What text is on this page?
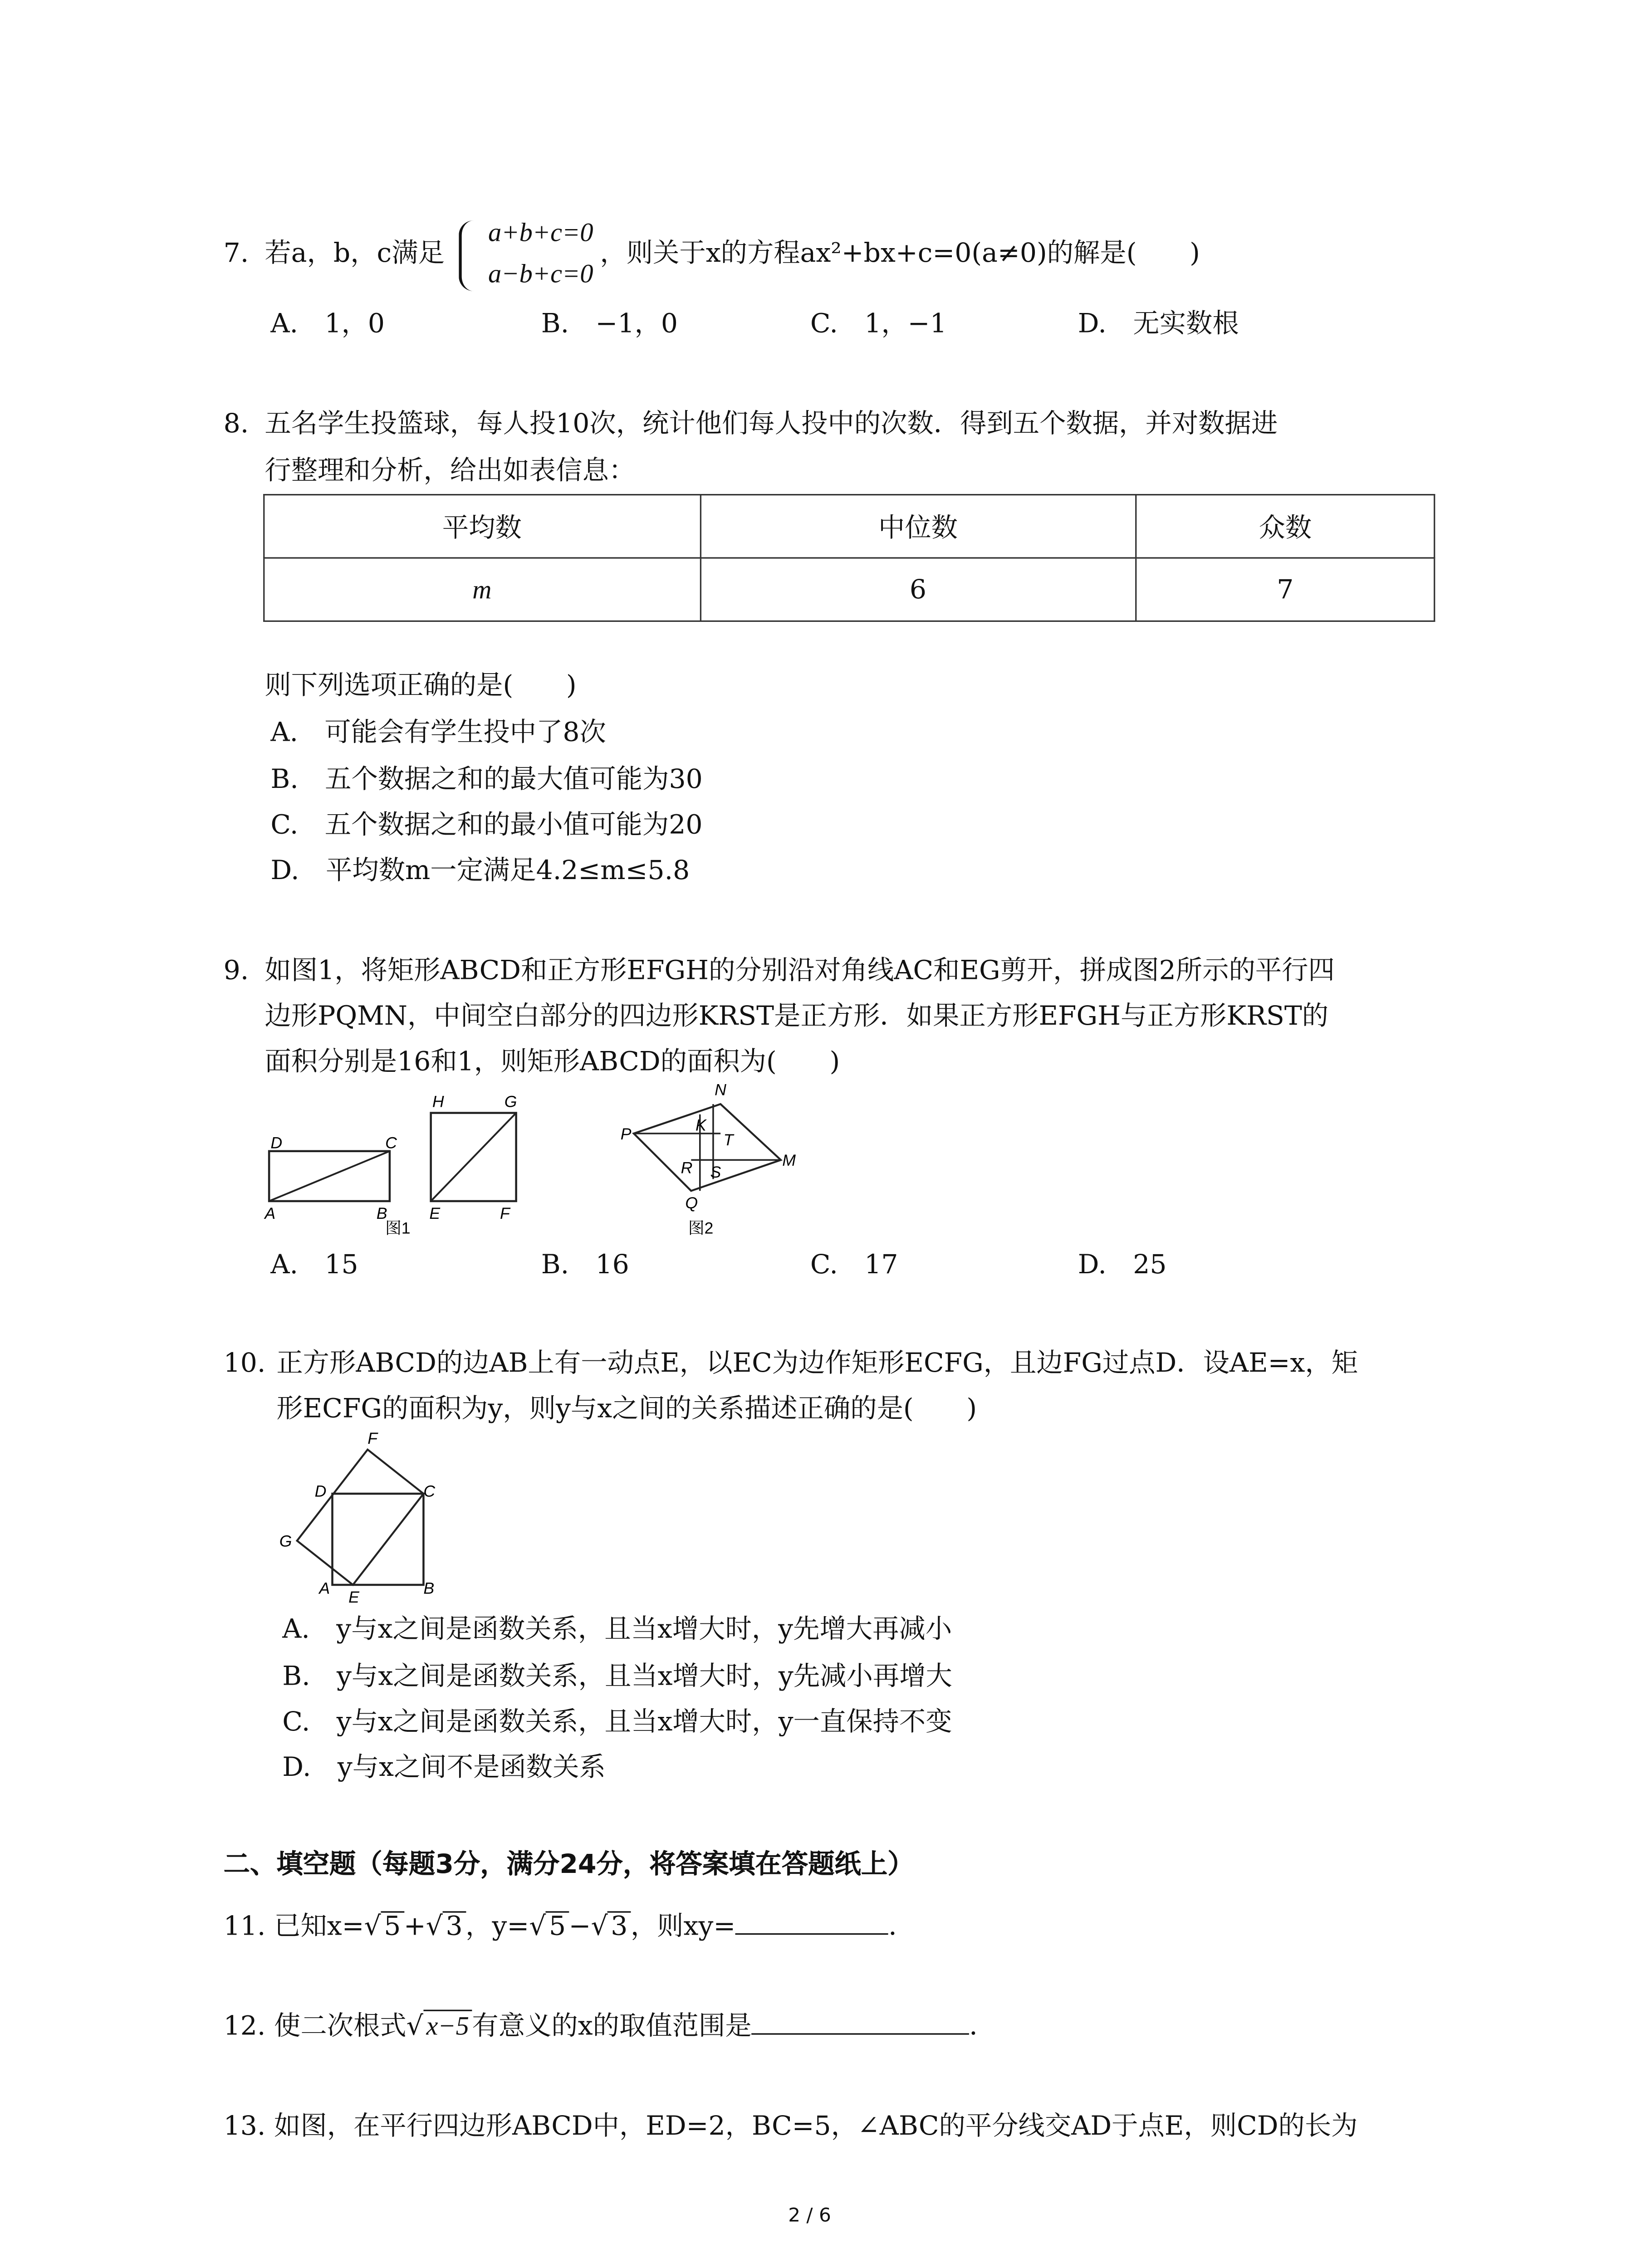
7. 若a，b，c满足
a+b+c=0
a−b+c=0
，则关于x的方程ax²+bx+c=0(a≠0)的解是(　　)
A.　1，0	B.　−1，0	C.　1，−1	D.　无实数根
8. 五名学生投篮球，每人投10次，统计他们每人投中的次数．得到五个数据，并对数据进
行整理和分析，给出如表信息：
平均数	中位数	众数
m	6	7
则下列选项正确的是(　　)
A.　可能会有学生投中了8次
B.　五个数据之和的最大值可能为30
C.　五个数据之和的最小值可能为20
D.　平均数m一定满足4.2≤m≤5.8
9. 如图1，将矩形ABCD和正方形EFGH的分别沿对角线AC和EG剪开，拼成图2所示的平行四
边形PQMN，中间空白部分的四边形KRST是正方形．如果正方形EFGH与正方形KRST的
面积分别是16和1，则矩形ABCD的面积为(　　)
D	C
A	B
H	G
E	F
图1
N
P	K
T
R	S
M
Q
图2
A.　15	B.　16	C.　17	D.　25
10. 正方形ABCD的边AB上有一动点E，以EC为边作矩形ECFG，且边FG过点D．设AE=x，矩
形ECFG的面积为y，则y与x之间的关系描述正确的是(　　)
F
D	C
G
A	E	B
A.　y与x之间是函数关系，且当x增大时，y先增大再减小
B.　y与x之间是函数关系，且当x增大时，y先减小再增大
C.　y与x之间是函数关系，且当x增大时，y一直保持不变
D.　y与x之间不是函数关系
二、填空题（每题3分，满分24分，将答案填在答题纸上）
11. 已知x=√ 5 +√ 3 ，y=√ 5 −√ 3 ，则xy=	．
12. 使二次根式√ x−5 有意义的x的取值范围是	．
13. 如图，在平行四边形ABCD中，ED=2，BC=5，∠ABC的平分线交AD于点E，则CD的长为
2 / 6
